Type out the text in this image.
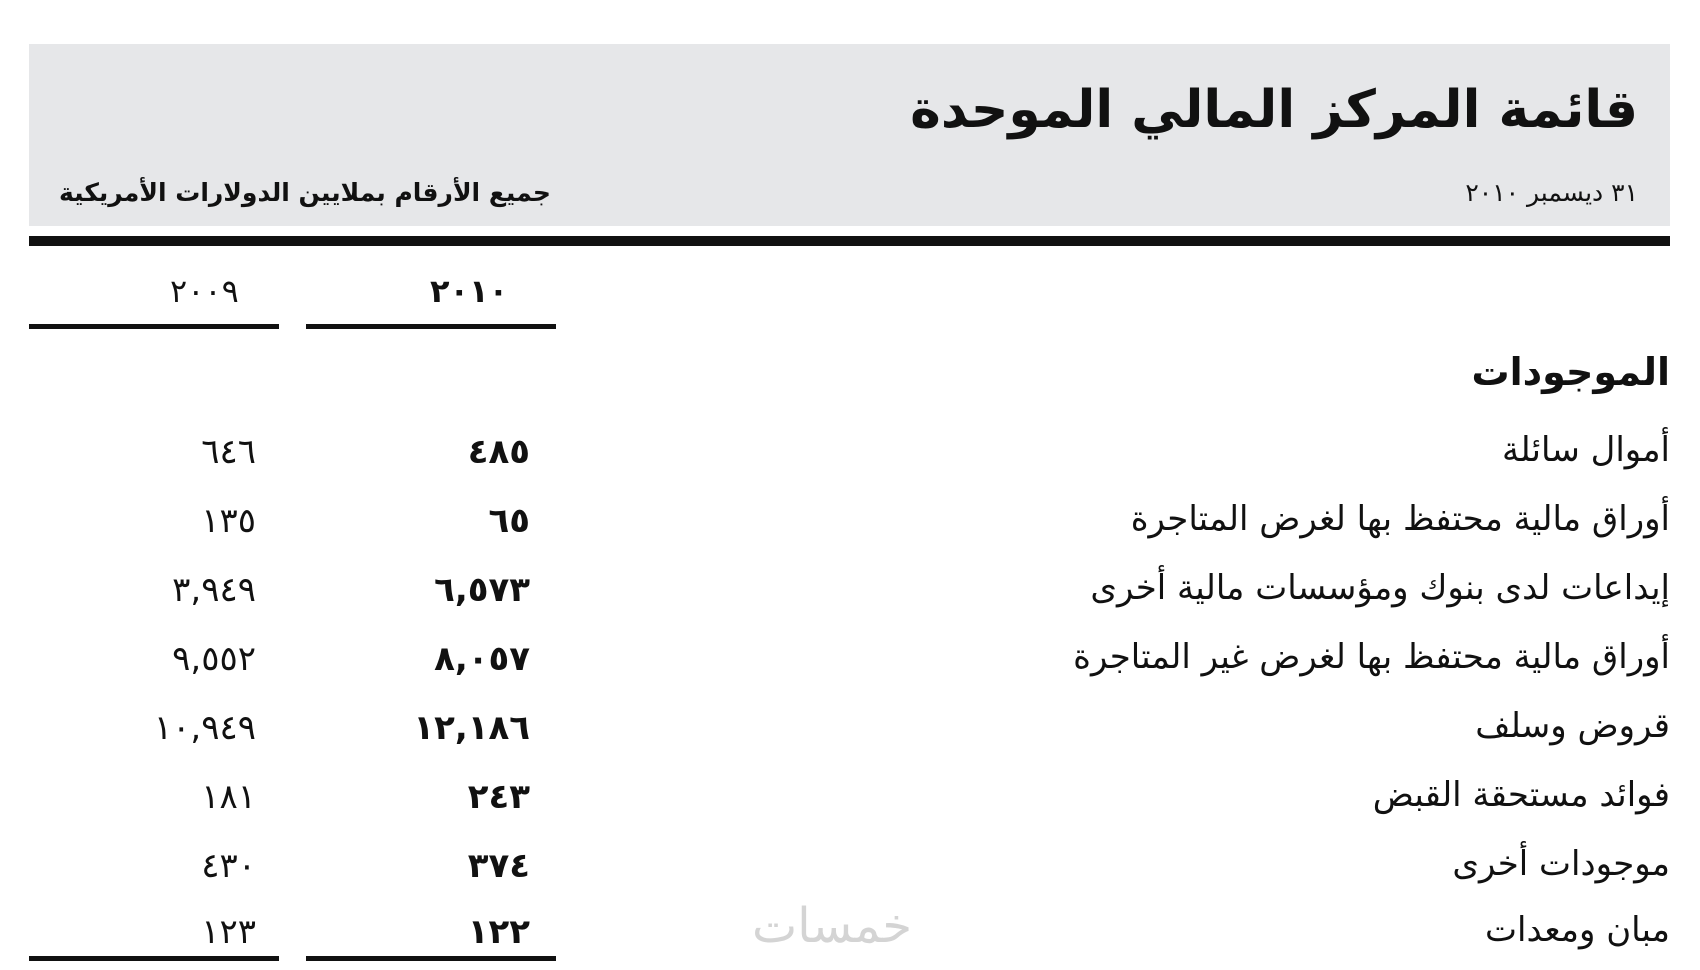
قائمة المركز المالي الموحدة
٣١ ديسمبر ٢٠١٠
جميع الأرقام بملايين الدولارات الأمريكية
٢٠١٠
٢٠٠٩
الموجودات
أموال سائلة
٤٨٥
٦٤٦
أوراق مالية محتفظ بها لغرض المتاجرة
٦٥
١٣٥
إيداعات لدى بنوك ومؤسسات مالية أخرى
٦,٥٧٣
٣,٩٤٩
أوراق مالية محتفظ بها لغرض غير المتاجرة
٨,٠٥٧
٩,٥٥٢
قروض وسلف
١٢,١٨٦
١٠,٩٤٩
فوائد مستحقة القبض
٢٤٣
١٨١
موجودات أخرى
٣٧٤
٤٣٠
مبان ومعدات
١٢٢
١٢٣	خمسات
